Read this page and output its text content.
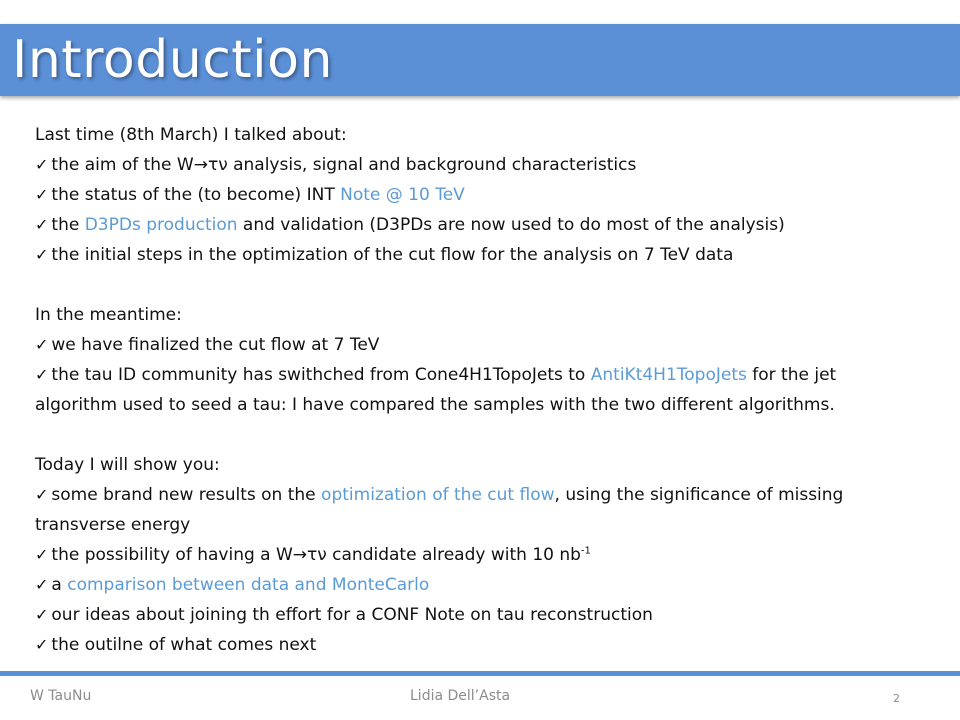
Introduction
Last time (8th March) I talked about:
✓ the aim of the W→τν analysis, signal and background characteristics
✓ the status of the (to become) INT Note @ 10 TeV
✓ the D3PDs production and validation (D3PDs are now used to do most of the analysis)
✓ the initial steps in the optimization of the cut flow for the analysis on 7 TeV data
In the meantime:
✓ we have finalized the cut flow at 7 TeV
✓ the tau ID community has swithched from Cone4H1TopoJets to AntiKt4H1TopoJets for the jet algorithm used to seed a tau: I have compared the samples with the two different algorithms.
Today I will show you:
✓ some brand new results on the optimization of the cut flow, using the significance of missing transverse energy
✓ the possibility of having a W→τν candidate already with 10 $nb^{-1}$
✓ a comparison between data and MonteCarlo
✓ our ideas about joining th effort for a CONF Note on tau reconstruction
✓ the outilne of what comes next
W TauNu	Lidia Dell’Asta	2
